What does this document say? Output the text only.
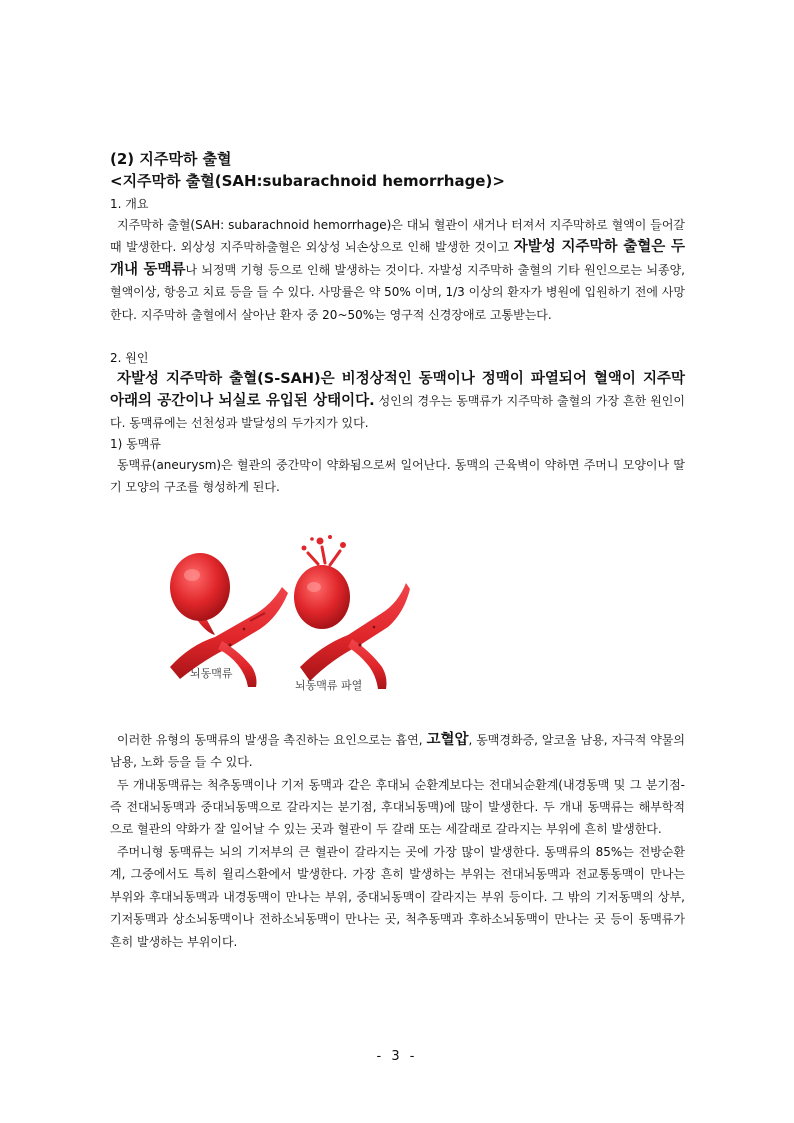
(2) 지주막하 출혈
<지주막하 출혈(SAH:subarachnoid hemorrhage)>
1. 개요

지주막하 출혈(SAH: subarachnoid hemorrhage)은 대뇌 혈관이 새거나 터져서 지주막하로 혈액이 들어갈 때 발생한다. 외상성 지주막하출혈은 외상성 뇌손상으로 인해 발생한 것이고 자발성 지주막하 출혈은 두 개내 동맥류나 뇌정맥 기형 등으로 인해 발생하는 것이다. 자발성 지주막하 출혈의 기타 원인으로는 뇌종양, 혈액이상, 항응고 치료 등을 들 수 있다. 사망률은 약 50% 이며, 1/3 이상의 환자가 병원에 입원하기 전에 사망한다. 지주막하 출혈에서 살아난 환자 중 20~50%는 영구적 신경장애로 고통받는다.

2. 원인
자발성 지주막하 출혈(S-SAH)은 비정상적인 동맥이나 정맥이 파열되어 혈액이 지주막 아래의 공간이나 뇌실로 유입된 상태이다. 성인의 경우는 동맥류가 지주막하 출혈의 가장 흔한 원인이다. 동맥류에는 선천성과 발달성의 두가지가 있다.
1) 동맥류

동맥류(aneurysm)은 혈관의 중간막이 약화됨으로써 일어난다. 동맥의 근육벽이 약하면 주머니 모양이나 딸기 모양의 구조를 형성하게 된다.

뇌동맥류
뇌동맥류 파열

이러한 유형의 동맥류의 발생을 촉진하는 요인으로는 흡연, 고혈압, 동맥경화증, 알코올 남용, 자극적 약물의 남용, 노화 등을 들 수 있다.

두 개내동맥류는 척추동맥이나 기저 동맥과 같은 후대뇌 순환계보다는 전대뇌순환계(내경동맥 및 그 분기점- 즉 전대뇌동맥과 중대뇌동맥으로 갈라지는 분기점, 후대뇌동맥)에 많이 발생한다. 두 개내 동맥류는 해부학적으로 혈관의 약화가 잘 일어날 수 있는 곳과 혈관이 두 갈래 또는 세갈래로 갈라지는 부위에 흔히 발생한다.

주머니형 동맥류는 뇌의 기저부의 큰 혈관이 갈라지는 곳에 가장 많이 발생한다. 동맥류의 85%는 전방순환계, 그중에서도 특히 윌리스환에서 발생한다. 가장 흔히 발생하는 부위는 전대뇌동맥과 전교통동맥이 만나는 부위와 후대뇌동맥과 내경동맥이 만나는 부위, 중대뇌동맥이 갈라지는 부위 등이다. 그 밖의 기저동맥의 상부, 기저동맥과 상소뇌동맥이나 전하소뇌동맥이 만나는 곳, 척추동맥과 후하소뇌동맥이 만나는 곳 등이 동맥류가 흔히 발생하는 부위이다.

- 3 -
